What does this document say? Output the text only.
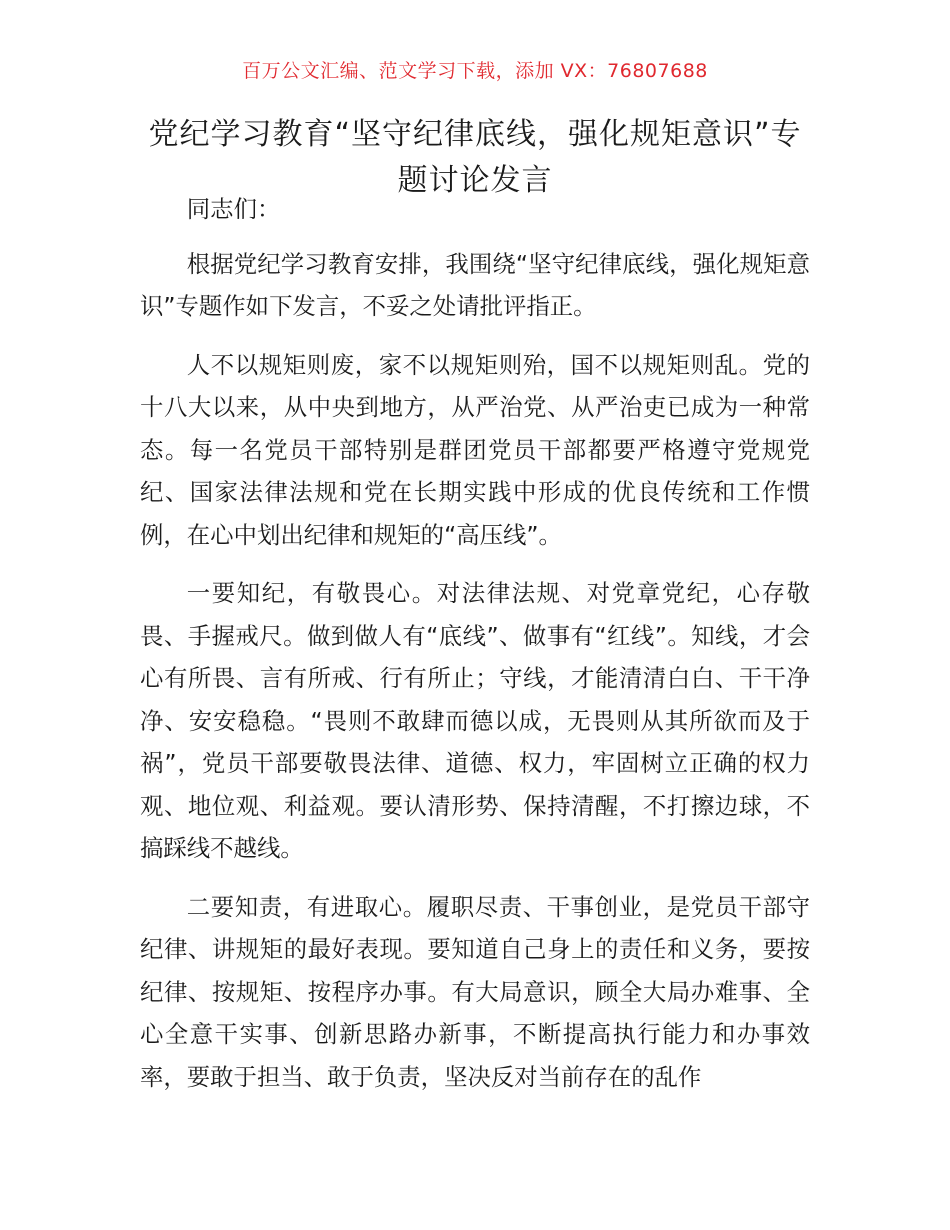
百万公文汇编、范文学习下载，添加 VX：76807688
党纪学习教育“坚守纪律底线，强化规矩意识”专题讨论发言

同志们：

根据党纪学习教育安排，我围绕“坚守纪律底线，强化规矩意识”专题作如下发言，不妥之处请批评指正。

人不以规矩则废，家不以规矩则殆，国不以规矩则乱。党的十八大以来，从中央到地方，从严治党、从严治吏已成为一种常态。每一名党员干部特别是群团党员干部都要严格遵守党规党纪、国家法律法规和党在长期实践中形成的优良传统和工作惯例，在心中划出纪律和规矩的“高压线”。

一要知纪，有敬畏心。对法律法规、对党章党纪，心存敬畏、手握戒尺。做到做人有“底线”、做事有“红线”。知线，才会心有所畏、言有所戒、行有所止；守线，才能清清白白、干干净净、安安稳稳。“畏则不敢肆而德以成，无畏则从其所欲而及于祸”，党员干部要敬畏法律、道德、权力，牢固树立正确的权力观、地位观、利益观。要认清形势、保持清醒，不打擦边球，不搞踩线不越线。

二要知责，有进取心。履职尽责、干事创业，是党员干部守纪律、讲规矩的最好表现。要知道自己身上的责任和义务，要按纪律、按规矩、按程序办事。有大局意识，顾全大局办难事、全心全意干实事、创新思路办新事，不断提高执行能力和办事效率，要敢于担当、敢于负责，坚决反对当前存在的乱作
